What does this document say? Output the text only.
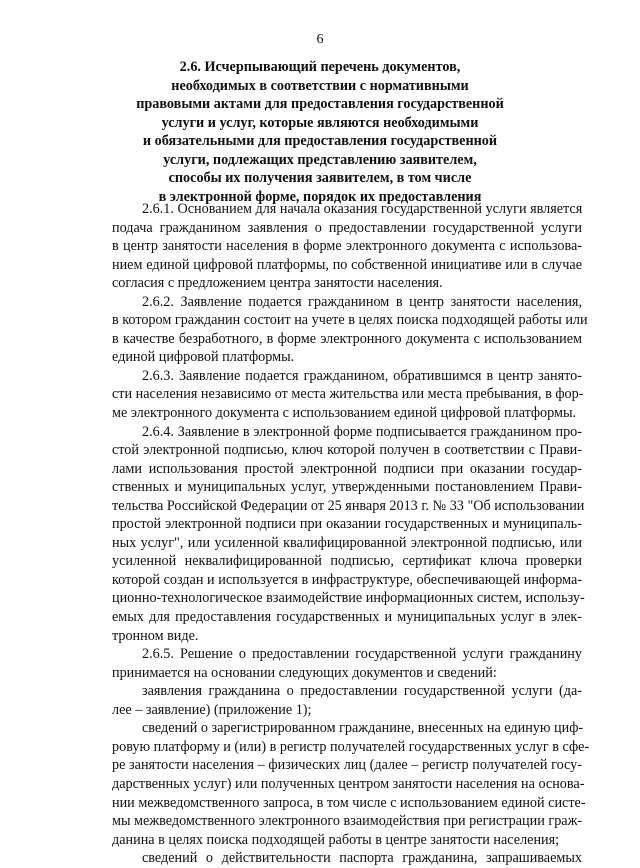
6
2.6. Исчерпывающий перечень документов,
необходимых в соответствии с нормативными
правовыми актами для предоставления государственной
услуги и услуг, которые являются необходимыми
и обязательными для предоставления государственной
услуги, подлежащих представлению заявителем,
способы их получения заявителем, в том числе
в электронной форме, порядок их предоставления
2.6.1. Основанием для начала оказания государственной услуги является
подача гражданином заявления о предоставлении государственной услуги
в центр занятости населения в форме электронного документа с использова-
нием единой цифровой платформы, по собственной инициативе или в случае
согласия с предложением центра занятости населения.
2.6.2. Заявление подается гражданином в центр занятости населения,
в котором гражданин состоит на учете в целях поиска подходящей работы или
в качестве безработного, в форме электронного документа с использованием
единой цифровой платформы.
2.6.3. Заявление подается гражданином, обратившимся в центр занято-
сти населения независимо от места жительства или места пребывания, в фор-
ме электронного документа с использованием единой цифровой платформы.
2.6.4. Заявление в электронной форме подписывается гражданином про-
стой электронной подписью, ключ которой получен в соответствии с Прави-
лами использования простой электронной подписи при оказании государ-
ственных и муниципальных услуг, утвержденными постановлением Прави-
тельства Российской Федерации от 25 января 2013 г. № 33 "Об использовании
простой электронной подписи при оказании государственных и муниципаль-
ных услуг", или усиленной квалифицированной электронной подписью, или
усиленной неквалифицированной подписью, сертификат ключа проверки
которой создан и используется в инфраструктуре, обеспечивающей информа-
ционно-технологическое взаимодействие информационных систем, использу-
емых для предоставления государственных и муниципальных услуг в элек-
тронном виде.
2.6.5. Решение о предоставлении государственной услуги гражданину
принимается на основании следующих документов и сведений:
заявления гражданина о предоставлении государственной услуги (да-
лее – заявление) (приложение 1);
сведений о зарегистрированном гражданине, внесенных на единую циф-
ровую платформу и (или) в регистр получателей государственных услуг в сфе-
ре занятости населения – физических лиц (далее – регистр получателей госу-
дарственных услуг) или полученных центром занятости населения на основа-
нии межведомственного запроса, в том числе с использованием единой систе-
мы межведомственного электронного взаимодействия при регистрации граж-
данина в целях поиска подходящей работы в центре занятости населения;
сведений о действительности паспорта гражданина, запрашиваемых
